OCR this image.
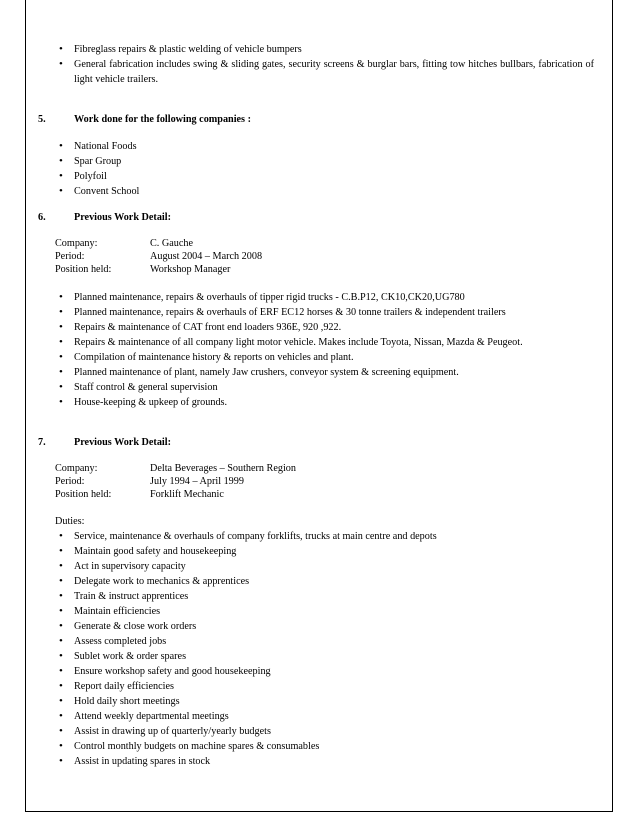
• Fibreglass repairs & plastic welding of vehicle bumpers
• General fabrication includes swing & sliding gates, security screens & burglar bars, fitting tow hitches bullbars, fabrication of light vehicle trailers.
5.	Work done for the following companies :
• National Foods
• Spar Group
• Polyfoil
• Convent School
6.	Previous Work Detail:
Company:	C. Gauche
Period:	August 2004 – March 2008
Position held:	Workshop Manager
• Planned maintenance, repairs & overhauls of tipper rigid trucks - C.B.P12, CK10,CK20,UG780
• Planned maintenance, repairs & overhauls of ERF EC12 horses & 30 tonne trailers & independent trailers
• Repairs & maintenance of CAT front end loaders 936E, 920 ,922.
• Repairs & maintenance of all company light motor vehicle. Makes include Toyota, Nissan, Mazda & Peugeot.
• Compilation of maintenance history & reports on vehicles and plant.
• Planned maintenance of plant, namely Jaw crushers, conveyor system & screening equipment.
• Staff control & general supervision
• House-keeping & upkeep of grounds.
7.	Previous Work Detail:
Company:	Delta Beverages – Southern Region
Period:	July 1994 – April 1999
Position held:	Forklift Mechanic
Duties:
• Service, maintenance & overhauls of company forklifts, trucks at main centre and depots
• Maintain good safety and housekeeping
• Act in supervisory capacity
• Delegate work to mechanics & apprentices
• Train & instruct apprentices
• Maintain efficiencies
• Generate & close work orders
• Assess completed jobs
• Sublet work & order spares
• Ensure workshop safety and good housekeeping
• Report daily efficiencies
• Hold daily short meetings
• Attend weekly departmental meetings
• Assist in drawing up of quarterly/yearly budgets
• Control monthly budgets on machine spares & consumables
• Assist in updating spares in stock
